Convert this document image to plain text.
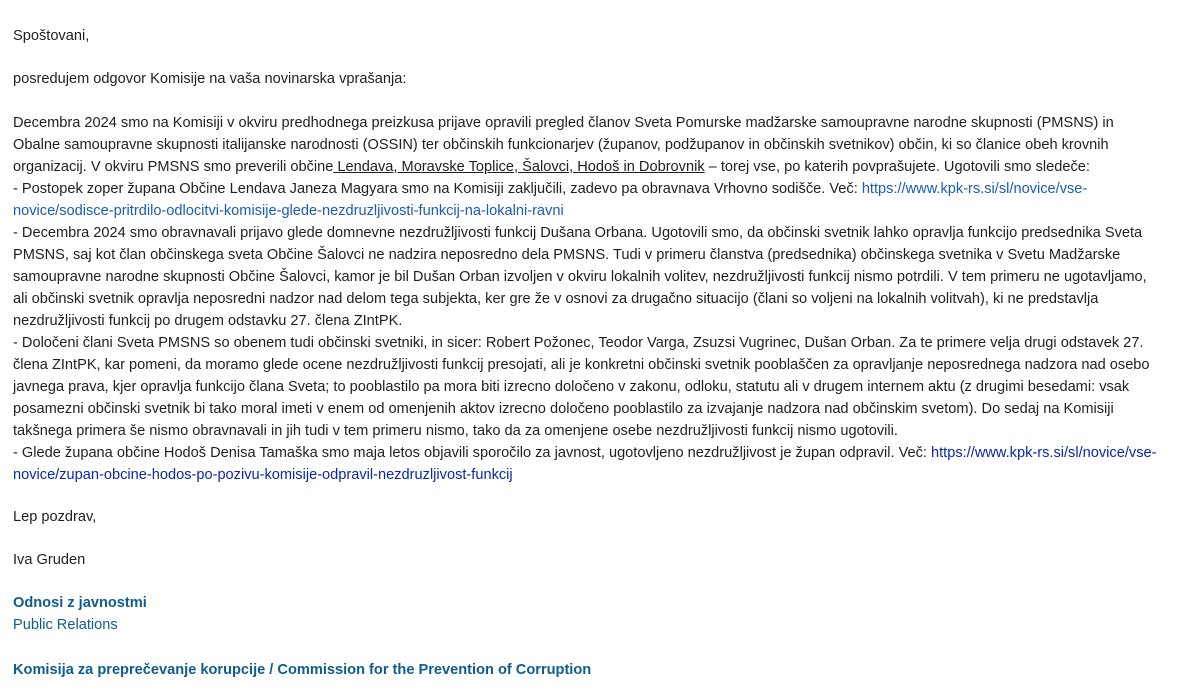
Spoštovani,

posredujem odgovor Komisije na vaša novinarska vprašanja:

Decembra 2024 smo na Komisiji v okviru predhodnega preizkusa prijave opravili pregled članov Sveta Pomurske madžarske samoupravne narodne skupnosti (PMSNS) in Obalne samoupravne skupnosti italijanske narodnosti (OSSIN) ter občinskih funkcionarjev (županov, podžupanov in občinskih svetnikov) občin, ki so članice obeh krovnih organizacij. V okviru PMSNS smo preverili občine Lendava, Moravske Toplice, Šalovci, Hodoš in Dobrovnik – torej vse, po katerih povprašujete. Ugotovili smo sledeče:
- Postopek zoper župana Občine Lendava Janeza Magyara smo na Komisiji zaključili, zadevo pa obravnava Vrhovno sodišče. Več: https://www.kpk-rs.si/sl/novice/vse-novice/sodisce-pritrdilo-odlocitvi-komisije-glede-nezdruzljivosti-funkcij-na-lokalni-ravni
- Decembra 2024 smo obravnavali prijavo glede domnevne nezdružljivosti funkcij Dušana Orbana. Ugotovili smo, da občinski svetnik lahko opravlja funkcijo predsednika Sveta PMSNS, saj kot član občinskega sveta Občine Šalovci ne nadzira neposredno dela PMSNS. Tudi v primeru članstva (predsednika) občinskega svetnika v Svetu Madžarske samoupravne narodne skupnosti Občine Šalovci, kamor je bil Dušan Orban izvoljen v okviru lokalnih volitev, nezdružljivosti funkcij nismo potrdili. V tem primeru ne ugotavljamo, ali občinski svetnik opravlja neposredni nadzor nad delom tega subjekta, ker gre že v osnovi za drugačno situacijo (člani so voljeni na lokalnih volitvah), ki ne predstavlja nezdružljivosti funkcij po drugem odstavku 27. člena ZIntPK.
- Določeni člani Sveta PMSNS so obenem tudi občinski svetniki, in sicer: Robert Požonec, Teodor Varga, Zsuzsi Vugrinec, Dušan Orban. Za te primere velja drugi odstavek 27. člena ZIntPK, kar pomeni, da moramo glede ocene nezdružljivosti funkcij presojati, ali je konkretni občinski svetnik pooblaščen za opravljanje neposrednega nadzora nad osebo javnega prava, kjer opravlja funkcijo člana Sveta; to pooblastilo pa mora biti izrecno določeno v zakonu, odloku, statutu ali v drugem internem aktu (z drugimi besedami: vsak posamezni občinski svetnik bi tako moral imeti v enem od omenjenih aktov izrecno določeno pooblastilo za izvajanje nadzora nad občinskim svetom). Do sedaj na Komisiji takšnega primera še nismo obravnavali in jih tudi v tem primeru nismo, tako da za omenjene osebe nezdružljivosti funkcij nismo ugotovili.
- Glede župana občine Hodoš Denisa Tamaška smo maja letos objavili sporočilo za javnost, ugotovljeno nezdružljivost je župan odpravil. Več: https://www.kpk-rs.si/sl/novice/vse-novice/zupan-obcine-hodos-po-pozivu-komisije-odpravil-nezdruzljivost-funkcij

Lep pozdrav,

Iva Gruden

Odnosi z javnostmi
Public Relations
Komisija za preprečevanje korupcije / Commission for the Prevention of Corruption
